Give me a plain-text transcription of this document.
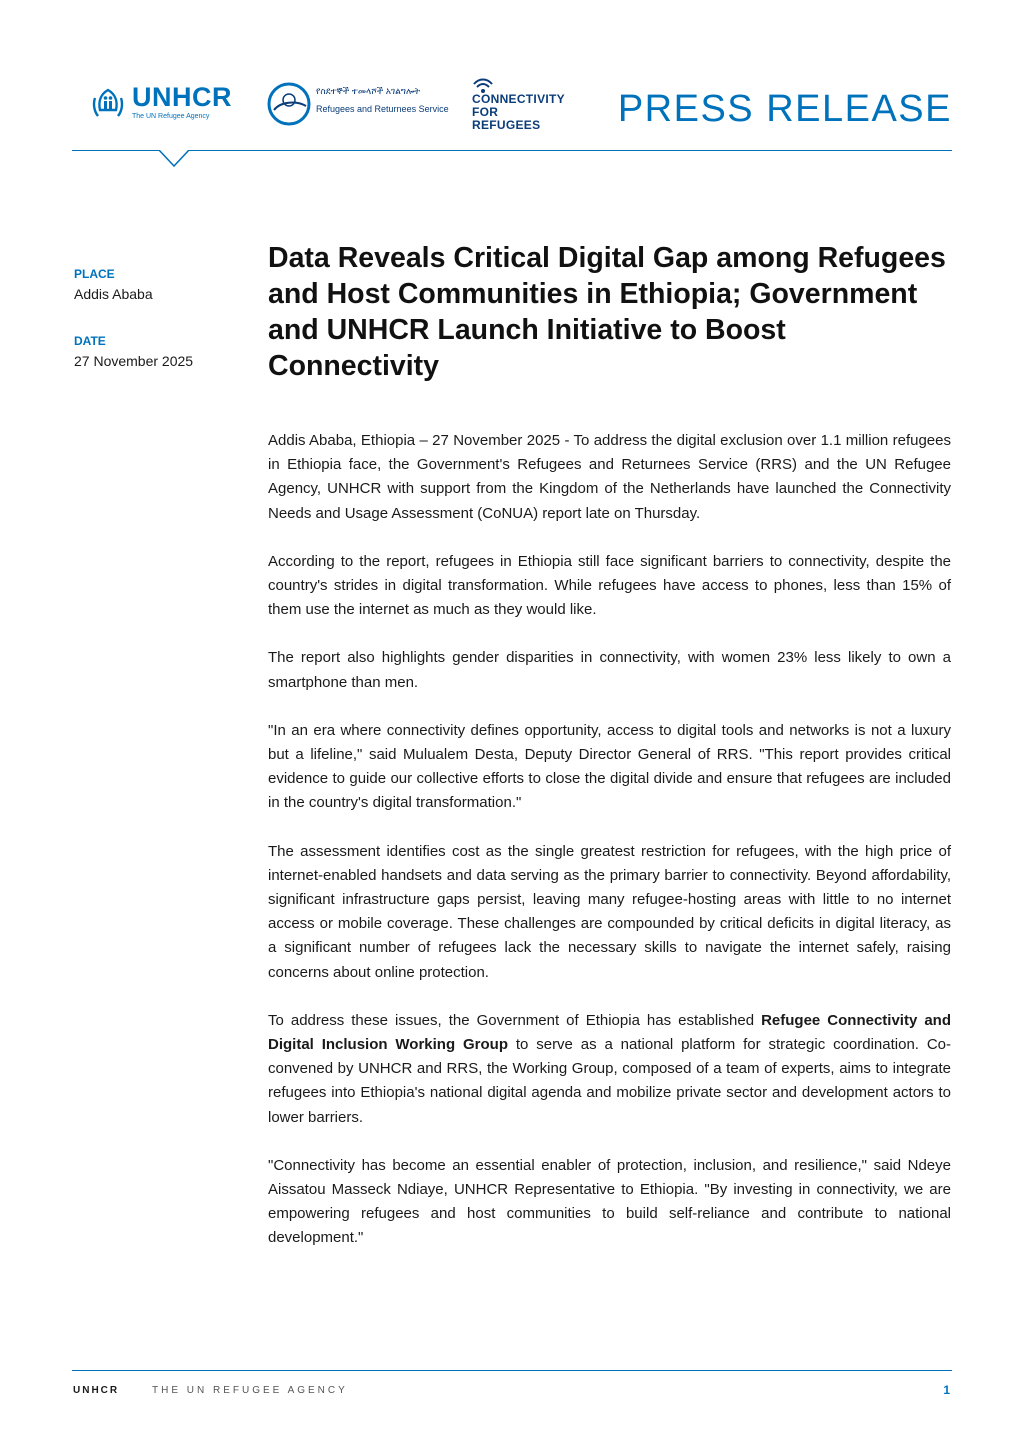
UNHCR
The UN Refugee Agency
የስደተኞች ተመላሾች አገልግሎት
Refugees and Returnees Service
CONNECTIVITY
FOR
REFUGEES PRESS RELEASE
PLACE
Addis Ababa
DATE
27 November 2025
Data Reveals Critical Digital Gap among Refugees and Host Communities in Ethiopia; Government and UNHCR Launch Initiative to Boost Connectivity

Addis Ababa, Ethiopia – 27 November 2025 - To address the digital exclusion over 1.1 million refugees in Ethiopia face, the Government's Refugees and Returnees Service (RRS) and the UN Refugee Agency, UNHCR with support from the Kingdom of the Netherlands have launched the Connectivity Needs and Usage Assessment (CoNUA) report late on Thursday.

According to the report, refugees in Ethiopia still face significant barriers to connectivity, despite the country's strides in digital transformation. While refugees have access to phones, less than 15% of them use the internet as much as they would like.

The report also highlights gender disparities in connectivity, with women 23% less likely to own a smartphone than men.

"In an era where connectivity defines opportunity, access to digital tools and networks is not a luxury but a lifeline," said Mulualem Desta, Deputy Director General of RRS. "This report provides critical evidence to guide our collective efforts to close the digital divide and ensure that refugees are included in the country's digital transformation."

The assessment identifies cost as the single greatest restriction for refugees, with the high price of internet-enabled handsets and data serving as the primary barrier to connectivity. Beyond affordability, significant infrastructure gaps persist, leaving many refugee-hosting areas with little to no internet access or mobile coverage. These challenges are compounded by critical deficits in digital literacy, as a significant number of refugees lack the necessary skills to navigate the internet safely, raising concerns about online protection.

To address these issues, the Government of Ethiopia has established Refugee Connectivity and Digital Inclusion Working Group to serve as a national platform for strategic coordination. Co-convened by UNHCR and RRS, the Working Group, composed of a team of experts, aims to integrate refugees into Ethiopia's national digital agenda and mobilize private sector and development actors to lower barriers.

"Connectivity has become an essential enabler of protection, inclusion, and resilience," said Ndeye Aissatou Masseck Ndiaye, UNHCR Representative to Ethiopia. "By investing in connectivity, we are empowering refugees and host communities to build self-reliance and contribute to national development."

UNHCR	THE UN REFUGEE AGENCY	1
